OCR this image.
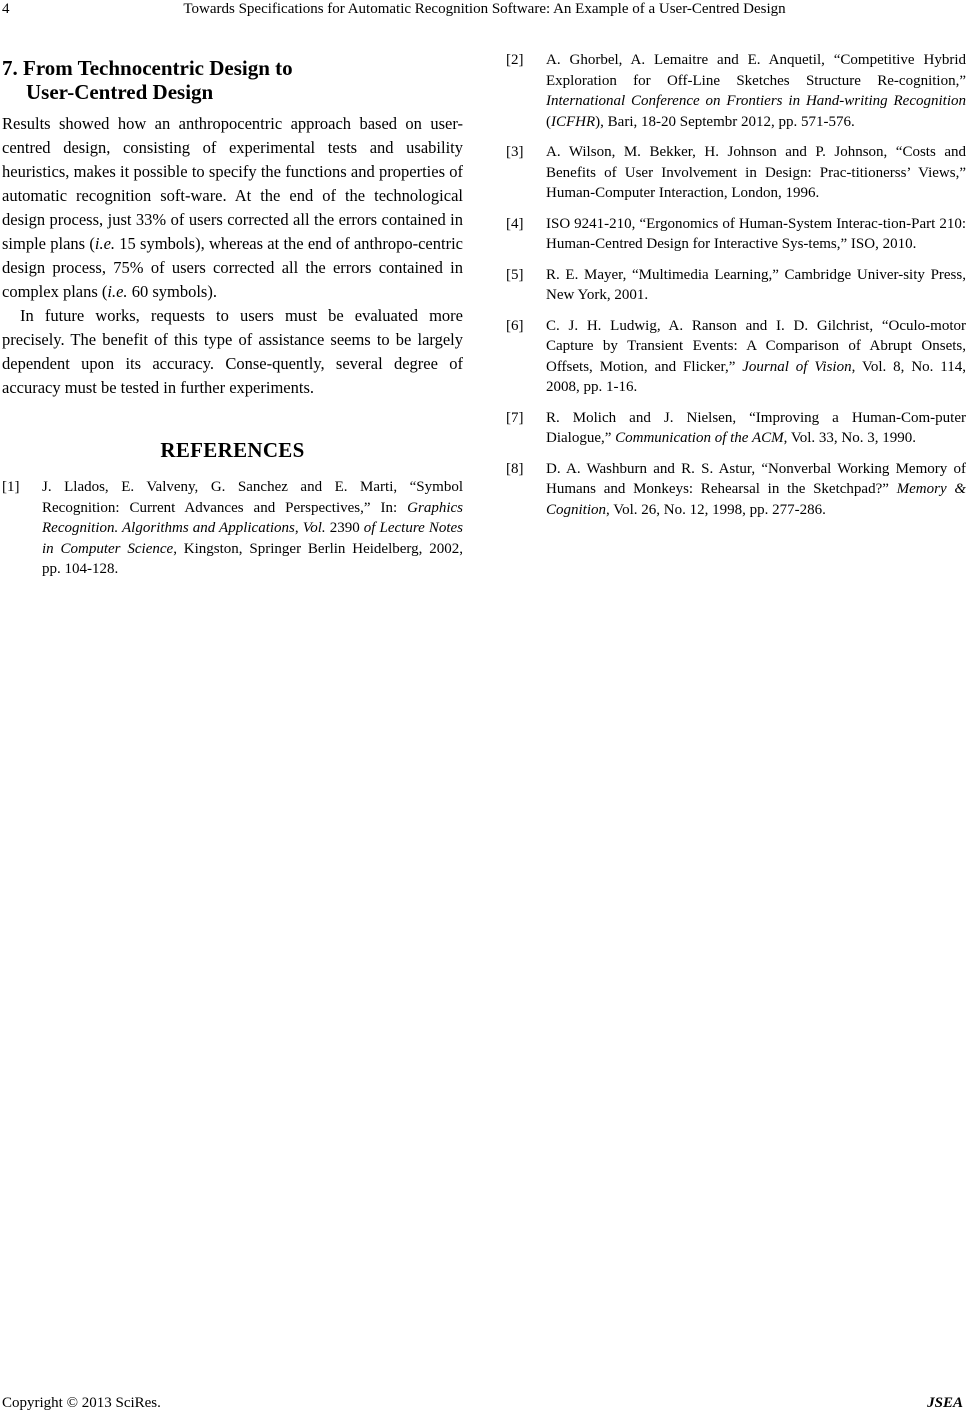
4	Towards Specifications for Automatic Recognition Software: An Example of a User-Centred Design
7. From Technocentric Design to
User-Centred Design

Results showed how an anthropocentric approach based on user-centred design, consisting of experimental tests and usability heuristics, makes it possible to specify the functions and properties of automatic recognition soft-ware. At the end of the technological design process, just 33% of users corrected all the errors contained in simple plans (i.e. 15 symbols), whereas at the end of anthropo-centric design process, 75% of users corrected all the errors contained in complex plans (i.e. 60 symbols).

In future works, requests to users must be evaluated more precisely. The benefit of this type of assistance seems to be largely dependent upon its accuracy. Conse-quently, several degree of accuracy must be tested in further experiments.

REFERENCES
[1]	J. Llados, E. Valveny, G. Sanchez and E. Marti, “Symbol Recognition: Current Advances and Perspectives,” In: Graphics Recognition. Algorithms and Applications, Vol. 2390 of Lecture Notes in Computer Science, Kingston, Springer Berlin Heidelberg, 2002, pp. 104-128.
[2]	A. Ghorbel, A. Lemaitre and E. Anquetil, “Competitive Hybrid Exploration for Off-Line Sketches Structure Re-cognition,” International Conference on Frontiers in Hand-writing Recognition (ICFHR), Bari, 18-20 Septembr 2012, pp. 571-576.
[3]	A. Wilson, M. Bekker, H. Johnson and P. Johnson, “Costs and Benefits of User Involvement in Design: Prac-titionerss’ Views,” Human-Computer Interaction, London, 1996.
[4]	ISO 9241-210, “Ergonomics of Human-System Interac-tion-Part 210: Human-Centred Design for Interactive Sys-tems,” ISO, 2010.
[5]	R. E. Mayer, “Multimedia Learning,” Cambridge Univer-sity Press, New York, 2001.
[6]	C. J. H. Ludwig, A. Ranson and I. D. Gilchrist, “Oculo-motor Capture by Transient Events: A Comparison of Abrupt Onsets, Offsets, Motion, and Flicker,” Journal of Vision, Vol. 8, No. 114, 2008, pp. 1-16.
[7]	R. Molich and J. Nielsen, “Improving a Human-Com-puter Dialogue,” Communication of the ACM, Vol. 33, No. 3, 1990.
[8]	D. A. Washburn and R. S. Astur, “Nonverbal Working Memory of Humans and Monkeys: Rehearsal in the Sketchpad?” Memory & Cognition, Vol. 26, No. 12, 1998, pp. 277-286.
Copyright © 2013 SciRes.	JSEA
